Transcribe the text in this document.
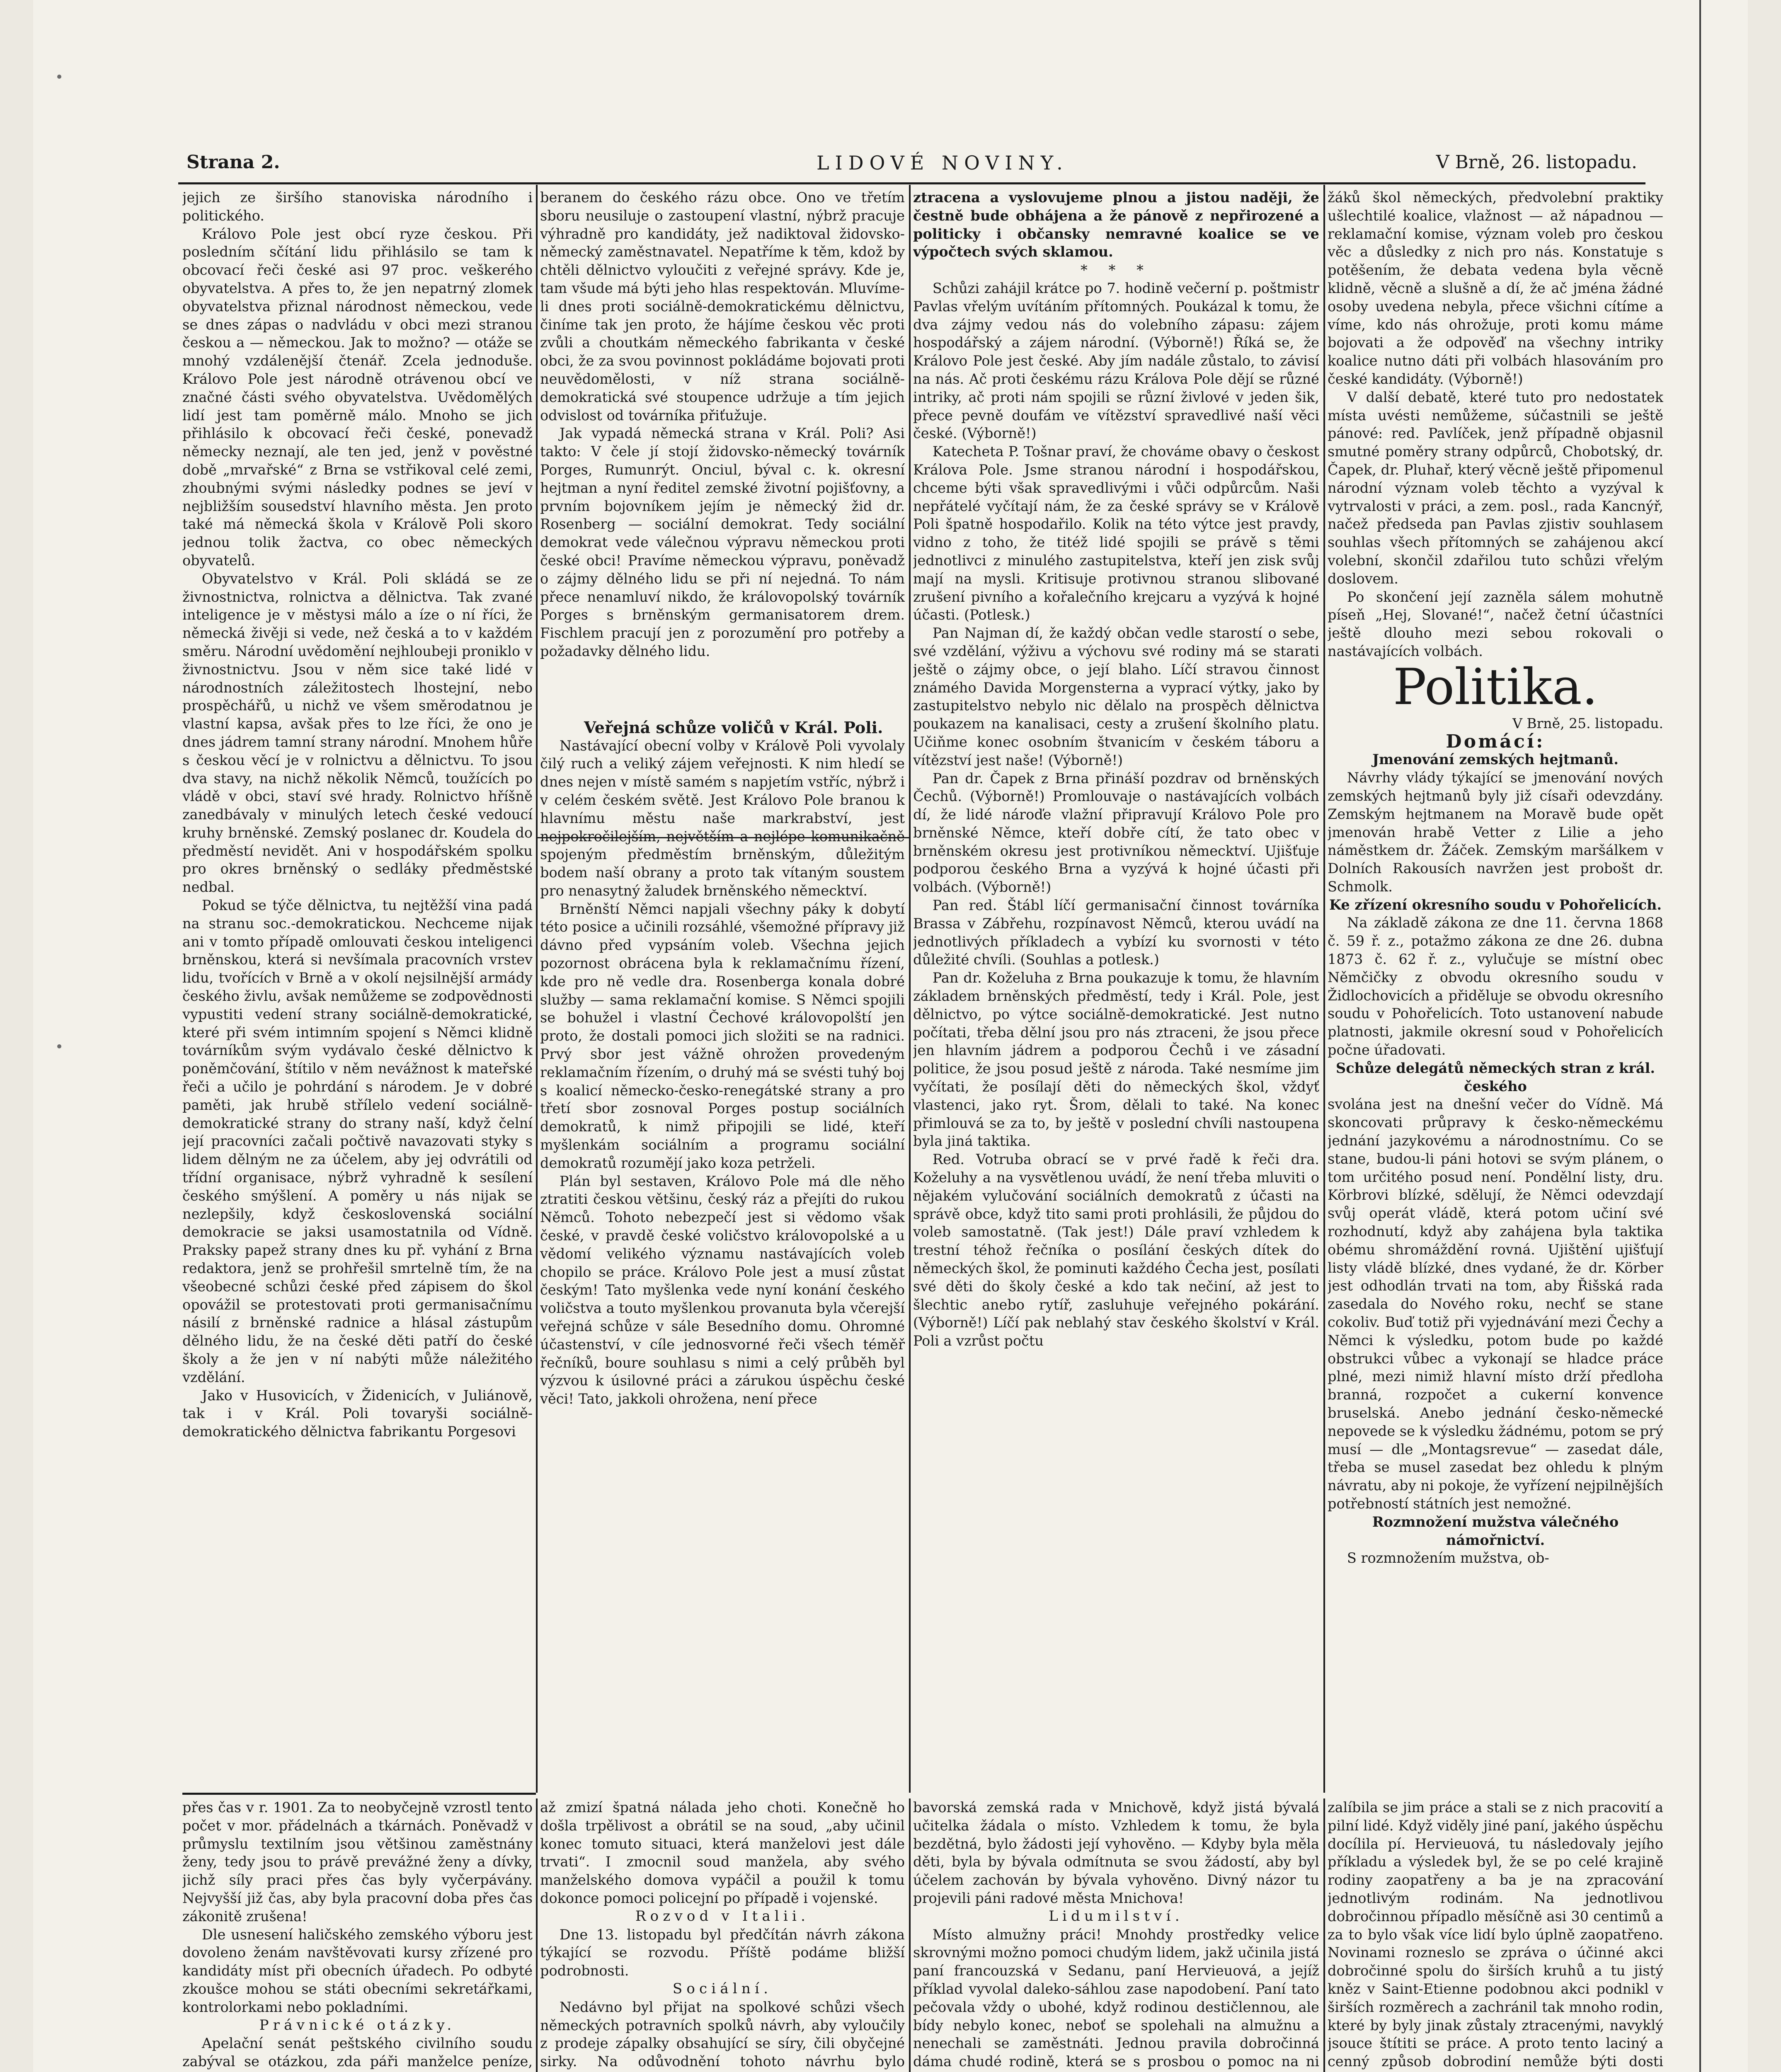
Strana 2.	LIDOVÉ NOVINY.	V Brně, 26. listopadu.

jejich ze širšího stanoviska národního i politického.

Královo Pole jest obcí ryze českou. Při posledním sčítání lidu přihlásilo se tam k obcovací řeči české asi 97 proc. veškerého obyvatelstva. A přes to, že jen nepatrný zlomek obyvatelstva přiznal národnost německou, vede se dnes zápas o nadvládu v obci mezi stranou českou a — německou. Jak to možno? — otáže se mnohý vzdálenější čtenář. Zcela jednoduše. Královo Pole jest národně otrávenou obcí ve značné části svého obyvatelstva. Uvědomělých lidí jest tam poměrně málo. Mnoho se jich přihlásilo k obcovací řeči české, ponevadž německy neznají, ale ten jed, jenž v pověstné době „mrvařské“ z Brna se vstřikoval celé zemi, zhoubnými svými následky podnes se jeví v nejbližším sousedství hlavního města. Jen proto také má německá škola v Králově Poli skoro jednou tolik žactva, co obec německých obyvatelů.

Obyvatelstvo v Král. Poli skládá se ze živnostnictva, rolnictva a dělnictva. Tak zvané inteligence je v městysi málo a íze o ní říci, že německá živěji si vede, než česká a to v každém směru. Národní uvědomění nejhloubeji proniklo v živnostnictvu. Jsou v něm sice také lidé v národnostních záležitostech lhostejní, nebo prospěchářů, u nichž ve všem směrodatnou je vlastní kapsa, avšak přes to lze říci, že ono je dnes jádrem tamní strany národní. Mnohem hůře s českou věcí je v rolnictvu a dělnictvu. To jsou dva stavy, na nichž několik Němců, toužících po vládě v obci, staví své hrady. Rolnictvo hříšně zanedbávaly v minulých letech české vedoucí kruhy brněnské. Zemský poslanec dr. Koudela do předměstí nevidět. Ani v hospodářském spolku pro okres brněnský o sedláky předměstské nedbal.

Pokud se týče dělnictva, tu nejtěžší vina padá na stranu soc.-demokratickou. Nechceme nijak ani v tomto případě omlouvati českou inteligenci brněnskou, která si nevšímala pracovních vrstev lidu, tvořících v Brně a v okolí nejsilnější armády českého živlu, avšak nemůžeme se zodpovědnosti vypustiti vedení strany sociálně-demokratické, které při svém intimním spojení s Němci klidně továrníkům svým vydávalo české dělnictvo k poněmčování, štítilo v něm nevážnost k mateřské řeči a učilo je pohrdání s národem. Je v dobré paměti, jak hrubě střílelo vedení sociálně-demokratické strany do strany naší, když čelní její pracovníci začali počtivě navazovati styky s lidem dělným ne za účelem, aby jej odvrátili od třídní organisace, nýbrž vyhradně k sesílení českého smýšlení. A poměry u nás nijak se nezlepšily, když československá sociální demokracie se jaksi usamostatnila od Vídně. Praksky papež strany dnes ku př. vyhání z Brna redaktora, jenž se prohřešil smrtelně tím, že na všeobecné schůzi české před zápisem do škol opovážil se protestovati proti germanisačnímu násilí z brněnské radnice a hlásal zástupům dělného lidu, že na české děti patří do české školy a že jen v ní nabýti může náležitého vzdělání.

Jako v Husovicích, v Židenicích, v Juliánově, tak i v Král. Poli tovaryši sociálně-demokratického dělnictva fabrikantu Porgesovi

beranem do českého rázu obce. Ono ve třetím sboru neusiluje o zastoupení vlastní, nýbrž pracuje výhradně pro kandidáty, jež nadiktoval židovsko-německý zaměstnavatel. Nepatříme k těm, kdož by chtěli dělnictvo vyloučiti z veřejné správy. Kde je, tam všude má býti jeho hlas respektován. Mluvíme-li dnes proti sociálně-demokratickému dělnictvu, činíme tak jen proto, že hájíme českou věc proti zvůli a choutkám německého fabrikanta v české obci, že za svou povinnost pokládáme bojovati proti neuvědomělosti, v níž strana sociálně-demokratická své stoupence udržuje a tím jejich odvislost od továrníka přiťužuje.

Jak vypadá německá strana v Král. Poli? Asi takto: V čele jí stojí židovsko-německý továrník Porges, Rumunrýt. Onciul, býval c. k. okresní hejtman a nyní ředitel zemské životní pojišťovny, a prvním bojovníkem jejím je německý žid dr. Rosenberg — sociální demokrat. Tedy sociální demokrat vede válečnou výpravu německou proti české obci! Pravíme německou výpravu, poněvadž o zájmy dělného lidu se při ní nejedná. To nám přece nenamluví nikdo, že královopolský továrník Porges s brněnským germanisatorem drem. Fischlem pracují jen z porozumění pro potřeby a požadavky dělného lidu.

Veřejná schůze voličů v Král. Poli.

Nastávající obecní volby v Králově Poli vyvolaly čilý ruch a veliký zájem veřejnosti. K nim hledí se dnes nejen v místě samém s napjetím vstříc, nýbrž i v celém českém světě. Jest Královo Pole branou k hlavnímu městu naše markrabství, jest nejpokročilejším, největším a nejlépe komunikačně spojeným předměstím brněnským, důležitým bodem naší obrany a proto tak vítaným soustem pro nenasytný žaludek brněnského německtví.

Brněnští Němci napjali všechny páky k dobytí této posice a učinili rozsáhlé, všemožné přípravy již dávno před vypsáním voleb. Všechna jejich pozornost obrácena byla k reklamačnímu řízení, kde pro ně vedle dra. Rosenberga konala dobré služby — sama reklamační komise. S Němci spojili se bohužel i vlastní Čechové královopolští jen proto, že dostali pomoci jich složiti se na radnici. Prvý sbor jest vážně ohrožen provedeným reklamačním řízením, o druhý má se svésti tuhý boj s koalicí německo-česko-renegátské strany a pro třetí sbor zosnoval Porges postup sociálních demokratů, k nimž připojili se lidé, kteří myšlenkám sociálním a programu sociální demokratů rozumějí jako koza petrželi.

Plán byl sestaven, Královo Pole má dle něho ztratiti českou většinu, český ráz a přejíti do rukou Němců. Tohoto nebezpečí jest si vědomo však české, v pravdě české voličstvo královopolské a u vědomí velikého významu nastávajících voleb chopilo se práce. Královo Pole jest a musí zůstat českým! Tato myšlenka vede nyní konání českého voličstva a touto myšlenkou provanuta byla včerejší veřejná schůze v sále Besedního domu. Ohromné účastenství, v cíle jednosvorné řeči všech téměř řečníků, boure souhlasu s nimi a celý průběh byl výzvou k úsilovné práci a zárukou úspěchu české věci! Tato, jakkoli ohrožena, není přece

ztracena a vyslovujeme plnou a jistou naději, že čestně bude obhájena a že pánově z nepřirozené a politicky i občansky nemravné koalice se ve výpočtech svých sklamou.

* * *

Schůzi zahájil krátce po 7. hodině večerní p. poštmistr Pavlas vřelým uvítáním přítomných. Poukázal k tomu, že dva zájmy vedou nás do volebního zápasu: zájem hospodářský a zájem národní. (Výborně!) Říká se, že Královo Pole jest české. Aby jím nadále zůstalo, to závisí na nás. Ač proti českému rázu Králova Pole dějí se různé intriky, ač proti nám spojili se různí živlové v jeden šik, přece pevně doufám ve vítězství spravedlivé naší věci české. (Výborně!)

Katecheta P. Tošnar praví, že chováme obavy o českost Králova Pole. Jsme stranou národní i hospodářskou, chceme býti však spravedlivými i vůči odpůrcům. Naši nepřátelé vyčítají nám, že za české správy se v Králově Poli špatně hospodařilo. Kolik na této výtce jest pravdy, vidno z toho, že titéž lidé spojili se právě s těmi jednotlivci z minulého zastupitelstva, kteří jen zisk svůj mají na mysli. Kritisuje protivnou stranou slibované zrušení pivního a kořalečního krejcaru a vyzývá k hojné účasti. (Potlesk.)

Pan Najman dí, že každý občan vedle starostí o sebe, své vzdělání, výživu a výchovu své rodiny má se starati ještě o zájmy obce, o její blaho. Líčí stravou činnost známého Davida Morgensterna a vyprací výtky, jako by zastupitelstvo nebylo nic dělalo na prospěch dělnictva poukazem na kanalisaci, cesty a zrušení školního platu. Učiňme konec osobním štvanicím v českém táboru a vítězství jest naše! (Výborně!)

Pan dr. Čapek z Brna přináší pozdrav od brněnských Čechů. (Výborně!) Promlouvaje o nastávajících volbách dí, že lidé nároďe vlažní připravují Královo Pole pro brněnské Němce, kteří dobře cítí, že tato obec v brněnském okresu jest protivníkou německtví. Ujišťuje podporou českého Brna a vyzývá k hojné účasti při volbách. (Výborně!)

Pan red. Štábl líčí germanisační činnost továrníka Brassa v Zábřehu, rozpínavost Němců, kterou uvádí na jednotlivých příkladech a vybízí ku svornosti v této důležité chvíli. (Souhlas a potlesk.)

Pan dr. Koželuha z Brna poukazuje k tomu, že hlavním základem brněnských předměstí, tedy i Král. Pole, jest dělnictvo, po výtce sociálně-demokratické. Jest nutno počítati, třeba dělní jsou pro nás ztraceni, že jsou přece jen hlavním jádrem a podporou Čechů i ve zásadní politice, že jsou posud ještě z národa. Také nesmíme jim vyčítati, že posílají děti do německých škol, vždyť vlastenci, jako ryt. Šrom, dělali to také. Na konec přimlouvá se za to, by ještě v poslední chvíli nastoupena byla jiná taktika.

Red. Votruba obrací se v prvé řadě k řeči dra. Koželuhy a na vysvětlenou uvádí, že není třeba mluviti o nějakém vylučování sociálních demokratů z účasti na správě obce, když tito sami proti prohlásili, že půjdou do voleb samostatně. (Tak jest!) Dále praví vzhledem k trestní téhož řečníka o posílání českých dítek do německých škol, že pominuti každého Čecha jest, posílati své děti do školy české a kdo tak nečiní, až jest to šlechtic anebo rytíř, zasluhuje veřejného pokárání. (Výborně!) Líčí pak neblahý stav českého školství v Král. Poli a vzrůst počtu

žáků škol německých, předvolební praktiky ušlechtilé koalice, vlažnost — až nápadnou — reklamační komise, význam voleb pro českou věc a důsledky z nich pro nás. Konstatuje s potěšením, že debata vedena byla věcně klidně, věcně a slušně a dí, že ač jména žádné osoby uvedena nebyla, přece všichni cítíme a víme, kdo nás ohrožuje, proti komu máme bojovati a že odpověď na všechny intriky koalice nutno dáti při volbách hlasováním pro české kandidáty. (Výborně!)

V další debatě, které tuto pro nedostatek místa uvésti nemůžeme, súčastnili se ještě pánové: red. Pavlíček, jenž případně objasnil smutné poměry strany odpůrců, Chobotský, dr. Čapek, dr. Pluhař, který věcně ještě připomenul národní význam voleb těchto a vyzýval k vytrvalosti v práci, a zem. posl., rada Kancnýř, načež předseda pan Pavlas zjistiv souhlasem souhlas všech přítomných se zahájenou akcí volební, skončil zdařilou tuto schůzi vřelým doslovem.

Po skončení její zazněla sálem mohutně píseň „Hej, Slované!“, načež četní účastníci ještě dlouho mezi sebou rokovali o nastávajících volbách.

Politika.

V Brně, 25. listopadu.

Domácí:

Jmenování zemských hejtmanů.

Návrhy vlády týkající se jmenování nových zemských hejtmanů byly již císaři odevzdány. Zemským hejtmanem na Moravě bude opět jmenován hrabě Vetter z Lilie a jeho náměstkem dr. Žáček. Zemským maršálkem v Dolních Rakousích navržen jest probošt dr. Schmolk.

Ke zřízení okresního soudu v Pohořelicích.

Na základě zákona ze dne 11. června 1868 č. 59 ř. z., potažmo zákona ze dne 26. dubna 1873 č. 62 ř. z., vylučuje se místní obec Němčičky z obvodu okresního soudu v Židlochovicích a přiděluje se obvodu okresního soudu v Pohořelicích. Toto ustanovení nabude platnosti, jakmile okresní soud v Pohořelicích počne úřadovati.

Schůze delegátů německých stran z král. českého

svolána jest na dnešní večer do Vídně. Má skoncovati průpravy k česko-německému jednání jazykovému a národnostnímu. Co se stane, budou-li páni hotovi se svým plánem, o tom určitého posud není. Pondělní listy, dru. Körbrovi blízké, sdělují, že Němci odevzdají svůj operát vládě, která potom učiní své rozhodnutí, když aby zahájena byla taktika obému shromáždění rovná. Ujištění ujišťují listy vládě blízké, dnes vydané, že dr. Körber jest odhodlán trvati na tom, aby Řišská rada zasedala do Nového roku, nechť se stane cokoliv. Buď totiž při vyjednávání mezi Čechy a Němci k výsledku, potom bude po každé obstrukci vůbec a vykonají se hladce práce plné, mezi nimiž hlavní místo drží předloha branná, rozpočet a cukerní konvence bruselská. Anebo jednání česko-německé nepovede se k výsledku žádnému, potom se prý musí — dle „Montagsrevue“ — zasedat dále, třeba se musel zasedat bez ohledu k plným návratu, aby ni pokoje, že vyřízení nejpilnějších potřebností státních jest nemožné.

Rozmnožení mužstva válečného námořnictví.

S rozmnožením mužstva, ob-

přes čas v r. 1901. Za to neobyčejně vzrostl tento počet v mor. přádelnách a tkárnách. Poněvadž v průmyslu textilním jsou většinou zaměstnány ženy, tedy jsou to právě prevážné ženy a dívky, jichž síly praci přes čas byly vyčerpávány. Nejvyšší již čas, aby byla pracovní doba přes čas zákonitě zrušena!

Dle usnesení haličského zemského výboru jest dovoleno ženám navštěvovati kursy zřízené pro kandidáty míst při obecních úřadech. Po odbyté zkoušce mohou se státi obecními sekretářkami, kontrolorkami nebo pokladními.

Právnické otázky.

Apelační senát peštského civilního soudu zabýval se otázkou, zda páři manželce peníze,

až zmizí špatná nálada jeho choti. Konečně ho došla trpělivost a obrátil se na soud, „aby učinil konec tomuto situaci, která manželovi jest dále trvati“. I zmocnil soud manžela, aby svého manželského domova vypáčil a použil k tomu dokonce pomoci policejní po případě i vojenské.

Rozvod v Italii.

Dne 13. listopadu byl předčítán návrh zákona týkající se rozvodu. Příště podáme bližší podrobnosti.

Sociální.

Nedávno byl přijat na spolkové schůzi všech německých potravních spolků návrh, aby vyloučily z prodeje zápalky obsahující se síry, čili obyčejné sirky. Na odůvodnění tohoto návrhu bylo

bavorská zemská rada v Mnichově, když jistá bývalá učitelka žádala o místo. Vzhledem k tomu, že byla bezdětná, bylo žádosti její vyhověno. — Kdyby byla měla děti, byla by bývala odmítnuta se svou žádostí, aby byl účelem zachován by bývala vyhověno. Divný názor tu projevili páni radové města Mnichova!

Lidumilství.

Místo almužny práci! Mnohdy prostředky velice skrovnými možno pomoci chudým lidem, jakž učinila jistá paní francouzská v Sedanu, paní Hervieuová, a jejíž příklad vyvolal daleko-sáhlou zase napodobení. Paní tato pečovala vždy o ubohé, když rodinou destičlennou, ale bídy nebylo konec, neboť se spolehali na almužnu a nenechali se zaměstnáti. Jednou pravila dobročinná dáma chudé rodině, která se s prosbou o pomoc na ni

zalíbila se jim práce a stali se z nich pracovití a pilní lidé. Když viděly jiné paní, jakého úspěchu docílila pí. Hervieuová, tu následovaly jejího příkladu a výsledek byl, že se po celé krajině rodiny zaopatřeny a ba je na zpracování jednotlivým rodinám. Na jednotlivou dobročinnou případlo měsíčně asi 30 centimů a za to bylo však více lidí bylo úplně zaopatřeno. Novinami rozneslo se zpráva o účinné akci dobročinné spolu do širších kruhů a tu jistý kněz v Saint-Etienne podobnou akci podnikl v širších rozměrech a zachránil tak mnoho rodin, které by byly jinak zůstaly ztracenými, navyklý jsouce štítiti se práce. A proto tento laciný a cenný způsob dobrodiní nemůže býti dosti
